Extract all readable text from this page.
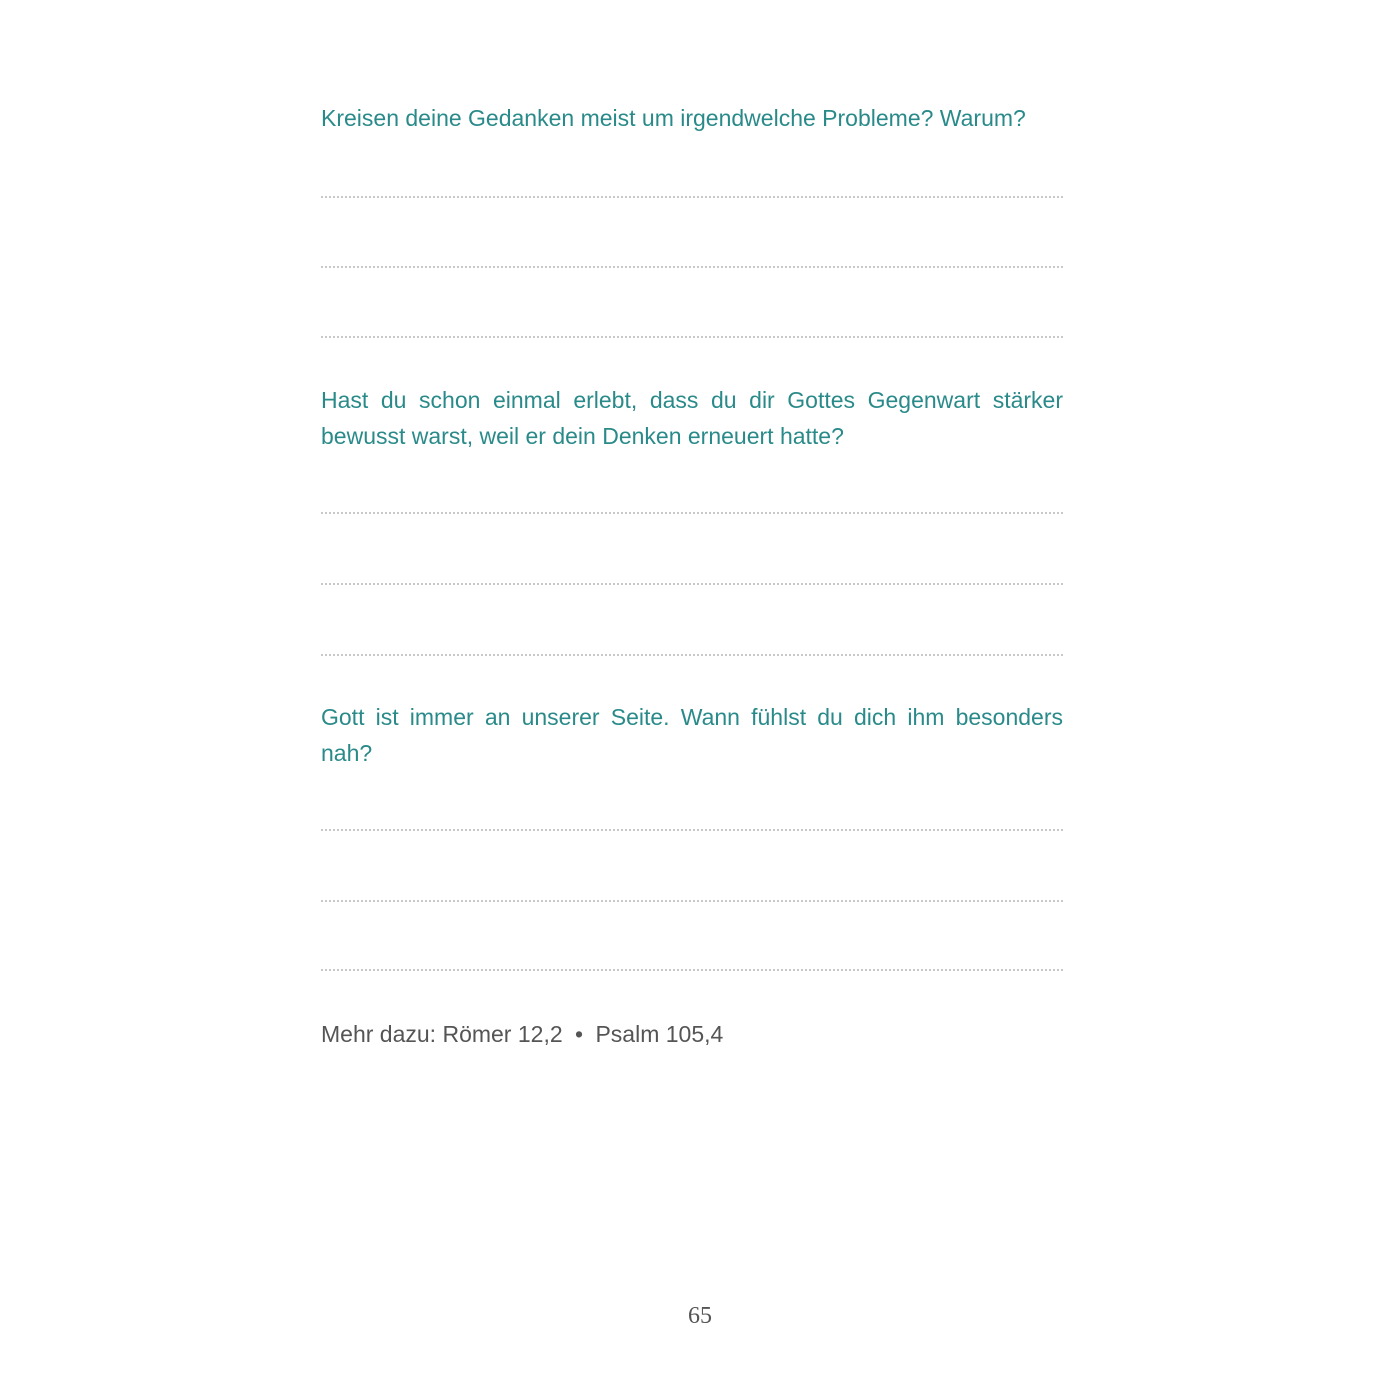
Kreisen deine Gedanken meist um irgendwelche Probleme? Warum?

Hast du schon einmal erlebt, dass du dir Gottes Gegenwart stärker bewusst warst, weil er dein Denken erneuert hatte?

Gott ist immer an unserer Seite. Wann fühlst du dich ihm besonders nah?

Mehr dazu: Römer 12,2 • Psalm 105,4

65
